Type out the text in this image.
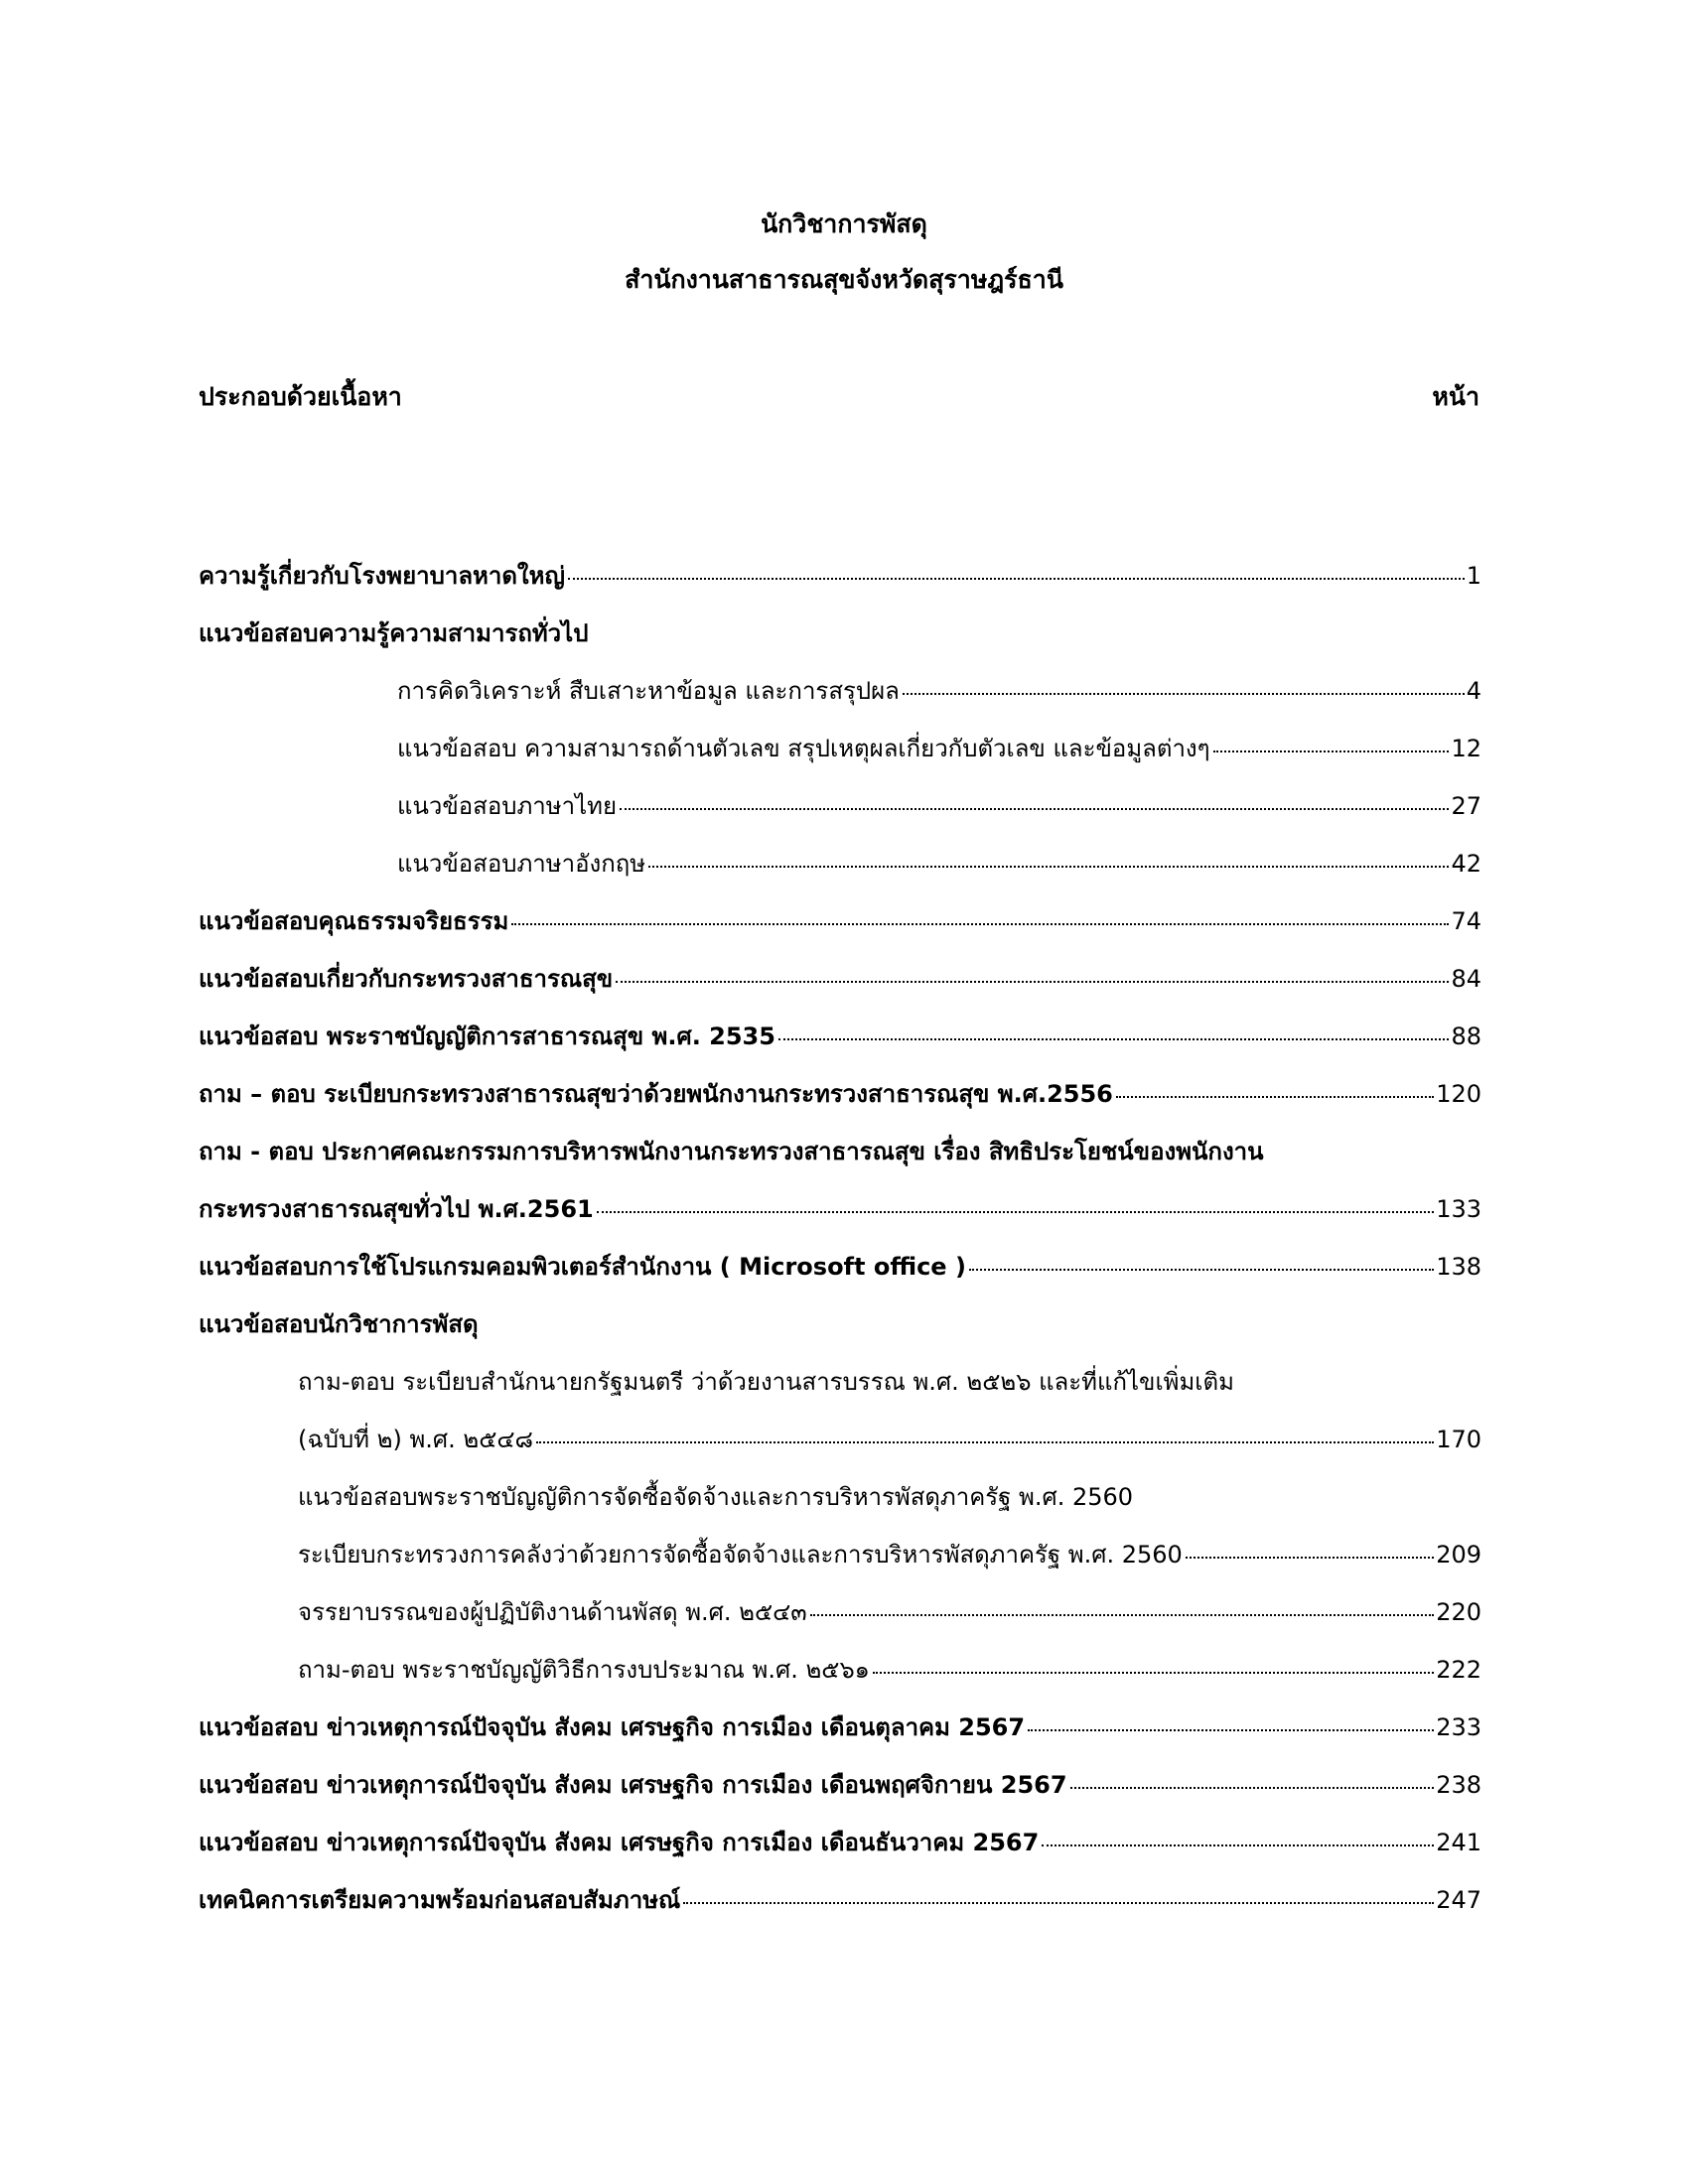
นักวิชาการพัสดุ
สำนักงานสาธารณสุขจังหวัดสุราษฎร์ธานี
ประกอบด้วยเนื้อหา	หน้า
ความรู้เกี่ยวกับโรงพยาบาลหาดใหญ่	1
แนวข้อสอบความรู้ความสามารถทั่วไป
การคิดวิเคราะห์ สืบเสาะหาข้อมูล และการสรุปผล	4
แนวข้อสอบ ความสามารถด้านตัวเลข สรุปเหตุผลเกี่ยวกับตัวเลข และข้อมูลต่างๆ	12
แนวข้อสอบภาษาไทย	27
แนวข้อสอบภาษาอังกฤษ	42
แนวข้อสอบคุณธรรมจริยธรรม	74
แนวข้อสอบเกี่ยวกับกระทรวงสาธารณสุข	84
แนวข้อสอบ พระราชบัญญัติการสาธารณสุข พ.ศ. 2535	88
ถาม – ตอบ ระเบียบกระทรวงสาธารณสุขว่าด้วยพนักงานกระทรวงสาธารณสุข พ.ศ.2556	120
ถาม - ตอบ ประกาศคณะกรรมการบริหารพนักงานกระทรวงสาธารณสุข เรื่อง สิทธิประโยชน์ของพนักงาน
กระทรวงสาธารณสุขทั่วไป พ.ศ.2561	133
แนวข้อสอบการใช้โปรแกรมคอมพิวเตอร์สำนักงาน ( Microsoft office )	138
แนวข้อสอบนักวิชาการพัสดุ
ถาม-ตอบ ระเบียบสำนักนายกรัฐมนตรี ว่าด้วยงานสารบรรณ พ.ศ. ๒๕๒๖ และที่แก้ไขเพิ่มเติม
(ฉบับที่ ๒) พ.ศ. ๒๕๔๘	170
แนวข้อสอบพระราชบัญญัติการจัดซื้อจัดจ้างและการบริหารพัสดุภาครัฐ พ.ศ. 2560
ระเบียบกระทรวงการคลังว่าด้วยการจัดซื้อจัดจ้างและการบริหารพัสดุภาครัฐ พ.ศ. 2560	209
จรรยาบรรณของผู้ปฏิบัติงานด้านพัสดุ พ.ศ. ๒๕๔๓	220
ถาม-ตอบ พระราชบัญญัติวิธีการงบประมาณ พ.ศ. ๒๕๖๑	222
แนวข้อสอบ ข่าวเหตุการณ์ปัจจุบัน สังคม เศรษฐกิจ การเมือง เดือนตุลาคม 2567	233
แนวข้อสอบ ข่าวเหตุการณ์ปัจจุบัน สังคม เศรษฐกิจ การเมือง เดือนพฤศจิกายน 2567	238
แนวข้อสอบ ข่าวเหตุการณ์ปัจจุบัน สังคม เศรษฐกิจ การเมือง เดือนธันวาคม 2567	241
เทคนิคการเตรียมความพร้อมก่อนสอบสัมภาษณ์	247
